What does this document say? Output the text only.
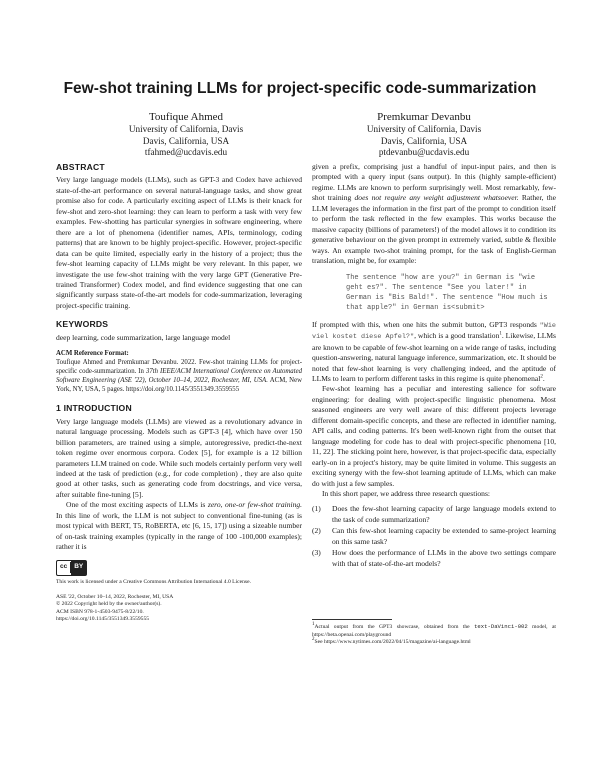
Few-shot training LLMs for project-specific code-summarization
Toufique Ahmed
University of California, Davis
Davis, California, USA
tfahmed@ucdavis.edu
Premkumar Devanbu
University of California, Davis
Davis, California, USA
ptdevanbu@ucdavis.edu
ABSTRACT

Very large language models (LLMs), such as GPT-3 and Codex have achieved state-of-the-art performance on several natural-language tasks, and show great promise also for code. A particularly exciting aspect of LLMs is their knack for few-shot and zero-shot learning: they can learn to perform a task with very few examples. Few-shotting has particular synergies in software engineering, where there are a lot of phenomena (identifier names, APIs, terminology, coding patterns) that are known to be highly project-specific. However, project-specific data can be quite limited, especially early in the history of a project; thus the few-shot learning capacity of LLMs might be very relevant. In this paper, we investigate the use few-shot training with the very large GPT (Generative Pre-trained Transformer) Codex model, and find evidence suggesting that one can significantly surpass state-of-the-art models for code-summarization, leveraging project-specific training.

KEYWORDS

deep learning, code summarization, large language model

ACM Reference Format:
Toufique Ahmed and Premkumar Devanbu. 2022. Few-shot training LLMs for project-specific code-summarization. In 37th IEEE/ACM International Conference on Automated Software Engineering (ASE '22), October 10–14, 2022, Rochester, MI, USA. ACM, New York, NY, USA, 5 pages. https://doi.org/10.1145/3551349.3559555
1 INTRODUCTION

Very large language models (LLMs) are viewed as a revolutionary advance in natural language processing. Models such as GPT-3 [4], which have over 150 billion parameters, are trained using a simple, autoregressive, predict-the-next token regime over enormous corpora. Codex [5], for example is a 12 billion parameters LLM trained on code. While such models certainly perform very well indeed at the task of prediction (e.g., for code completion) , they are also quite good at other tasks, such as generating code from docstrings, and vice versa, after suitable fine-tuning [5].

One of the most exciting aspects of LLMs is zero, one-or few-shot training. In this line of work, the LLM is not subject to conventional fine-tuning (as is most typical with BERT, T5, RoBERTA, etc [6, 15, 17]) using a sizeable number of on-task training examples (typically in the range of 100 -100,000 examples); rather it is

cc	BY
This work is licensed under a Creative Commons Attribution International 4.0 License.
ASE '22, October 10–14, 2022, Rochester, MI, USA
© 2022 Copyright held by the owner/author(s).
ACM ISBN 978-1-4503-9475-8/22/10.
https://doi.org/10.1145/3551349.3559555

given a prefix, comprising just a handful of input-input pairs, and then is prompted with a query input (sans output). In this (highly sample-efficient) regime. LLMs are known to perform surprisingly well. Most remarkably, few-shot training does not require any weight adjustment whatsoever. Rather, the LLM leverages the information in the first part of the prompt to condition itself to perform the task reflected in the few examples. This works because the massive capacity (billions of parameters!) of the model allows it to condition its generative behaviour on the given prompt in extremely varied, subtle & flexible ways. An example two-shot training prompt, for the task of English-German translation, might be, for example:

The sentence "how are you?" in German is "wie geht es?". The sentence "See you later!" in German is "Bis Bald!". The sentence "How much is that apple?" in German is<submit>

If prompted with this, when one hits the submit button, GPT3 responds "Wie viel kostet diese Apfel?", which is a good translation$^1$. Likewise, LLMs are known to be capable of few-shot learning on a wide range of tasks, including question-answering, natural language inference, summarization, etc. It should be noted that few-shot learning is very challenging indeed, and the aptitude of LLMs to learn to perform different tasks in this regime is quite phenomenal$^2$.

Few-shot learning has a peculiar and interesting salience for software engineering: for dealing with project-specific linguistic phenomena. Most seasoned engineers are very well aware of this: different projects leverage different domain-specific concepts, and these are reflected in identifier naming, API calls, and coding patterns. It's been well-known right from the outset that language modeling for code has to deal with project-specific phenomena [10, 11, 22]. The sticking point here, however, is that project-specific data, especially early-on in a project's history, may be quite limited in volume. This suggests an exciting synergy with the few-shot learning aptitude of LLMs, which can make do with just a few samples.

In this short paper, we address three research questions:

(1)	Does the few-shot learning capacity of large language models extend to the task of code summarization?
(2)	Can this few-shot learning capacity be extended to same-project learning on this same task?
(3)	How does the performance of LLMs in the above two settings compare with that of state-of-the-art models?
$^1$Actual output from the GPT3 showcase, obtained from the text-DaVinci-002 model, at https://beta.openai.com/playground
$^2$See https://www.nytimes.com/2022/04/15/magazine/ai-language.html
